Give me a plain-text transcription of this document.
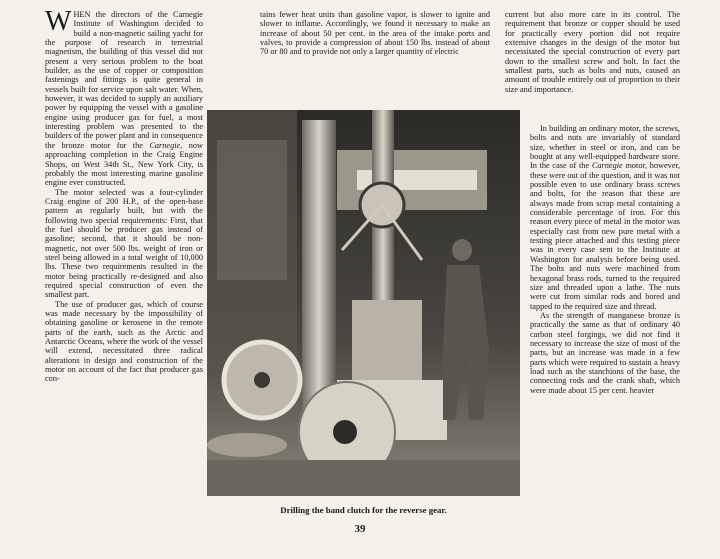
WHEN the directors of the Carnegie Institute of Washington decided to build a non-magnetic sailing yacht for the purpose of research in terrestrial magnetism, the building of this vessel did not present a very serious problem to the boat builder, as the use of copper or composition fastenings and fittings is quite general in vessels built for service upon salt water. When, however, it was decided to supply an auxiliary power by equipping the vessel with a gasoline engine using producer gas for fuel, a most interesting problem was presented to the builders of the power plant and in consequence the bronze motor for the Carnegie, now approaching completion in the Craig Engine Shops, on West 34th St., New York City, is probably the most interesting marine gasoline engine ever constructed.

The motor selected was a four-cylinder Craig engine of 200 H.P., of the open-base pattern as regularly built, but with the following two special requirements: First, that the fuel should be producer gas instead of gasoline; second, that it should be non-magnetic, not over 500 lbs. weight of iron or steel being allowed in a total weight of 10,000 lbs. These two requirements resulted in the motor being practically re-designed and also required special construction of even the smallest part.

The use of producer gas, which of course was made necessary by the impossibility of obtaining gasoline or kerosene in the remote parts of the earth, such as the Arctic and Antarctic Oceans, where the work of the vessel will extend, necessitated three radical alterations in design and construction of the motor on account of the fact that producer gas con-

tains fewer heat units than gasoline vapor, is slower to ignite and slower to inflame. Accordingly, we found it necessary to make an increase of about 50 per cent. in the area of the intake ports and valves, to provide a compression of about 150 lbs. instead of about 70 or 80 and to provide not only a larger quantity of electric

current but also more care in its control. The requirement that bronze or copper should be used for practically every portion did not require extensive changes in the design of the motor but necessitated the special construction of every part down to the smallest screw and bolt. In fact the smallest parts, such as bolts and nuts, caused an amount of trouble entirely out of proportion to their size and importance.

In building an ordinary motor, the screws, bolts and nuts are invariably of standard size, whether in steel or iron, and can be bought at any well-equipped hardware store. In the case of the Carnegie motor, however, these were out of the question, and it was not possible even to use ordinary brass screws and bolts, for the reason that these are always made from scrap metal containing a considerable percentage of iron. For this reason every piece of metal in the motor was especially cast from new pure metal with a testing piece attached and this testing piece was in every case sent to the Institute at Washington for analysis before being used. The bolts and nuts were machined from hexagonal brass rods, turned to the required size and threaded upon a lathe. The nuts were cut from similar rods and bored and tapped to the required size and thread.

As the strength of manganese bronze is practically the same as that of ordinary 40 carbon steel forgings, we did not find it necessary to increase the size of most of the parts, but an increase was made in a few parts which were required to sustain a heavy load such as the stanchions of the base, the connecting rods and the crank shaft, which were made about 15 per cent. heavier

Drilling the band clutch for the reverse gear.
39
